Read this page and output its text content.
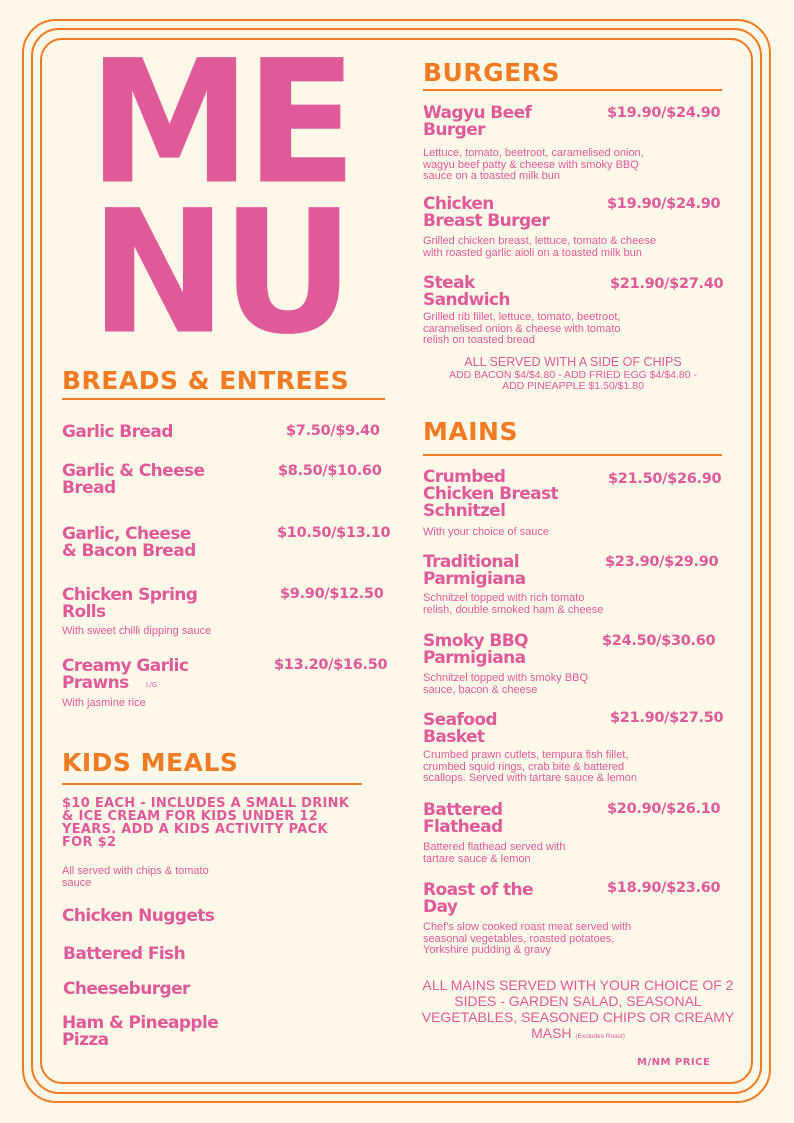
ME
NU
BREADS & ENTREES
Garlic Bread	$7.50/$9.40
Garlic & Cheese
Bread
$8.50/$10.60
Garlic, Cheese
& Bacon Bread
$10.50/$13.10
Chicken Spring
Rolls
$9.90/$12.50
With sweet chilli dipping sauce
Creamy Garlic
Prawns	L/G
$13.20/$16.50
With jasmine rice
KIDS MEALS
$10 EACH - INCLUDES A SMALL DRINK & ICE CREAM FOR KIDS UNDER 12 YEARS. ADD A KIDS ACTIVITY PACK FOR $2
All served with chips & tomato
sauce
Chicken Nuggets
Battered Fish
Cheeseburger
Ham & Pineapple
Pizza
BURGERS
Wagyu Beef
Burger
$19.90/$24.90
Lettuce, tomato, beetroot, caramelised onion,
wagyu beef patty & cheese with smoky BBQ
sauce on a toasted milk bun
Chicken
Breast Burger
$19.90/$24.90
Grilled chicken breast, lettuce, tomato & cheese
with roasted garlic aioli on a toasted milk bun
Steak
Sandwich
$21.90/$27.40
Grilled rib fillet, lettuce, tomato, beetroot,
caramelised onion & cheese with tomato
relish on toasted bread
ALL SERVED WITH A SIDE OF CHIPS
ADD BACON $4/$4.80 - ADD FRIED EGG $4/$4.80 -
ADD PINEAPPLE $1.50/$1.80
MAINS
Crumbed
Chicken Breast
Schnitzel
$21.50/$26.90
With your choice of sauce
Traditional
Parmigiana
$23.90/$29.90
Schnitzel topped with rich tomato
relish, double smoked ham & cheese
Smoky BBQ
Parmigiana
$24.50/$30.60
Schnitzel topped with smoky BBQ
sauce, bacon & cheese
Seafood
Basket
$21.90/$27.50
Crumbed prawn cutlets, tempura fish fillet,
crumbed squid rings, crab bite & battered
scallops. Served with tartare sauce & lemon
Battered
Flathead
$20.90/$26.10
Battered flathead served with
tartare sauce & lemon
Roast of the
Day
$18.90/$23.60
Chef's slow cooked roast meat served with
seasonal vegetables, roasted potatoes,
Yorkshire pudding & gravy
ALL MAINS SERVED WITH YOUR CHOICE OF 2 SIDES - GARDEN SALAD, SEASONAL VEGETABLES, SEASONED CHIPS OR CREAMY MASH (Excludes Roast)
M/NM PRICE
